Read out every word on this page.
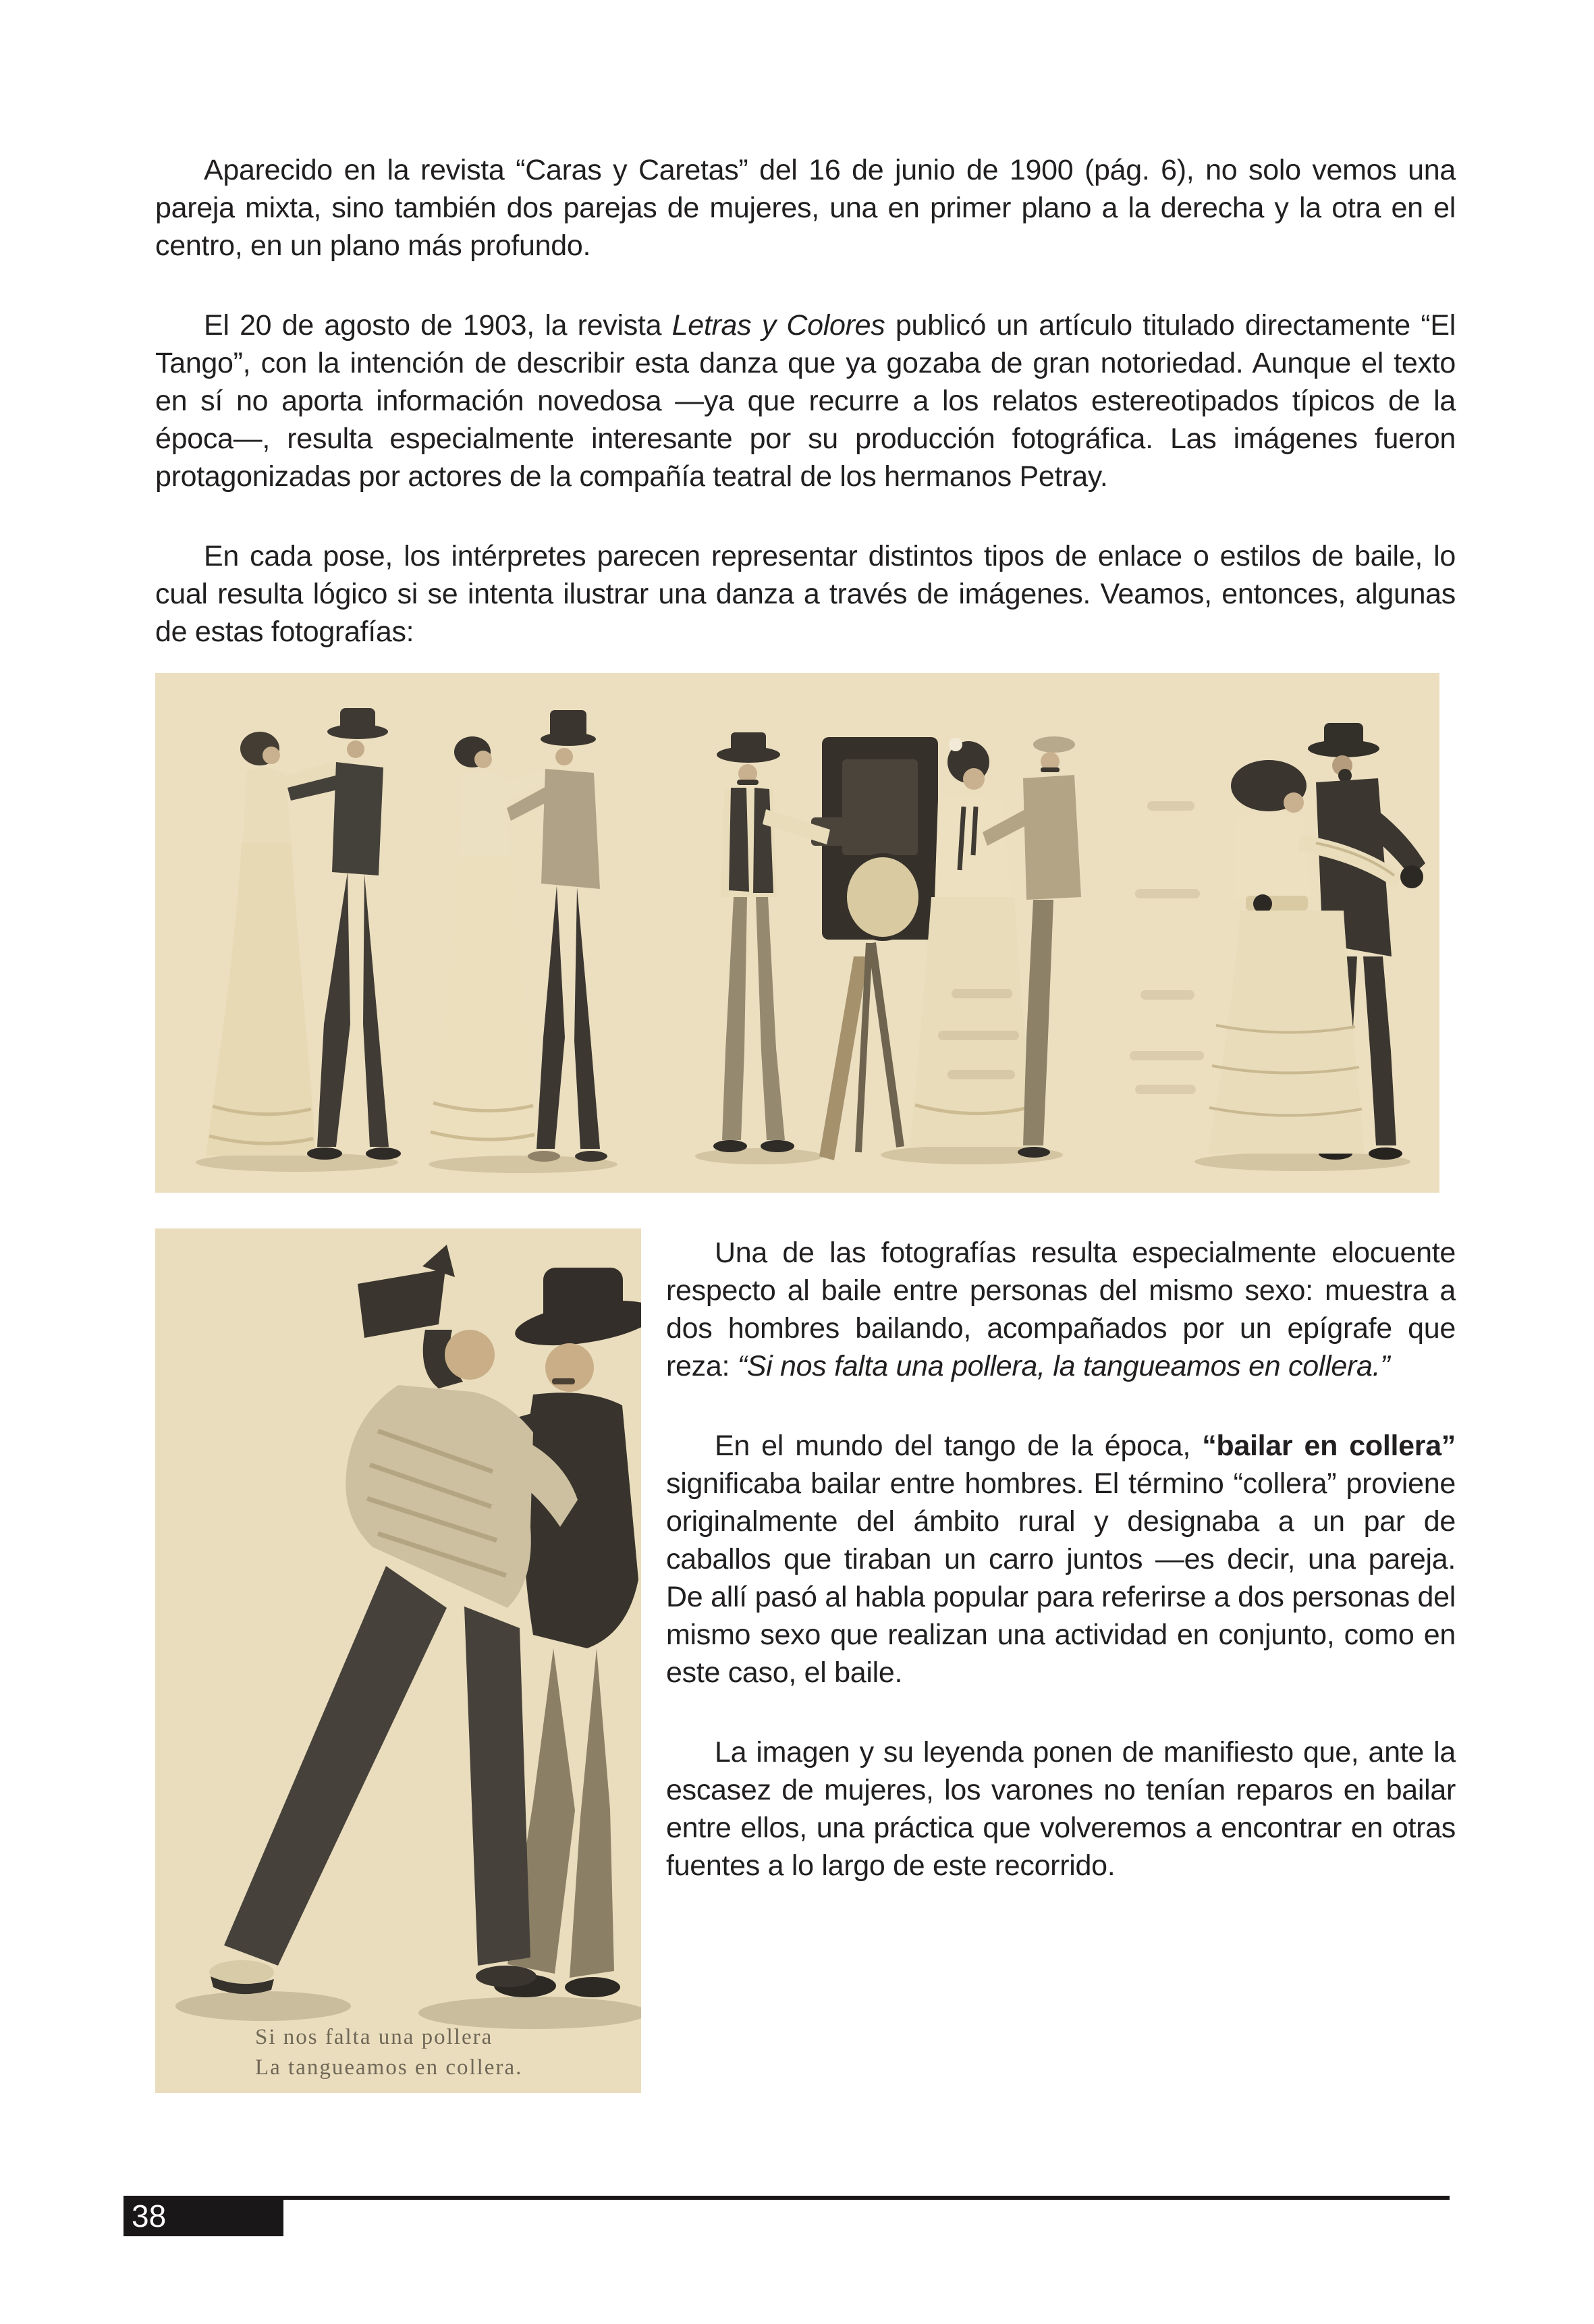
Aparecido en la revista “Caras y Caretas” del 16 de junio de 1900 (pág. 6), no solo vemos una pareja mixta, sino también dos parejas de mujeres, una en primer plano a la derecha y la otra en el centro, en un plano más profundo.

El 20 de agosto de 1903, la revista Letras y Colores publicó un artículo titulado directamente “El Tango”, con la intención de describir esta danza que ya gozaba de gran notoriedad. Aunque el texto en sí no aporta información novedosa —ya que recurre a los relatos estereotipados típicos de la época—, resulta especialmente interesante por su producción fotográfica. Las imágenes fueron protagonizadas por actores de la compañía teatral de los hermanos Petray.

En cada pose, los intérpretes parecen representar distintos tipos de enlace o estilos de baile, lo cual resulta lógico si se intenta ilustrar una danza a través de imágenes. Veamos, entonces, algunas de estas fotografías:

Si nos falta una pollera
La tangueamos en collera.

Una de las fotografías resulta especialmente elocuente respecto al baile entre personas del mismo sexo: muestra a dos hombres bailando, acompañados por un epígrafe que reza: “Si nos falta una pollera, la tangueamos en collera.”

En el mundo del tango de la época, “bailar en collera” significaba bailar entre hombres. El término “collera” proviene originalmente del ámbito rural y designaba a un par de caballos que tiraban un carro juntos —es decir, una pareja. De allí pasó al habla popular para referirse a dos personas del mismo sexo que realizan una actividad en conjunto, como en este caso, el baile.

La imagen y su leyenda ponen de manifiesto que, ante la escasez de mujeres, los varones no tenían reparos en bailar entre ellos, una práctica que volveremos a encontrar en otras fuentes a lo largo de este recorrido.

38
